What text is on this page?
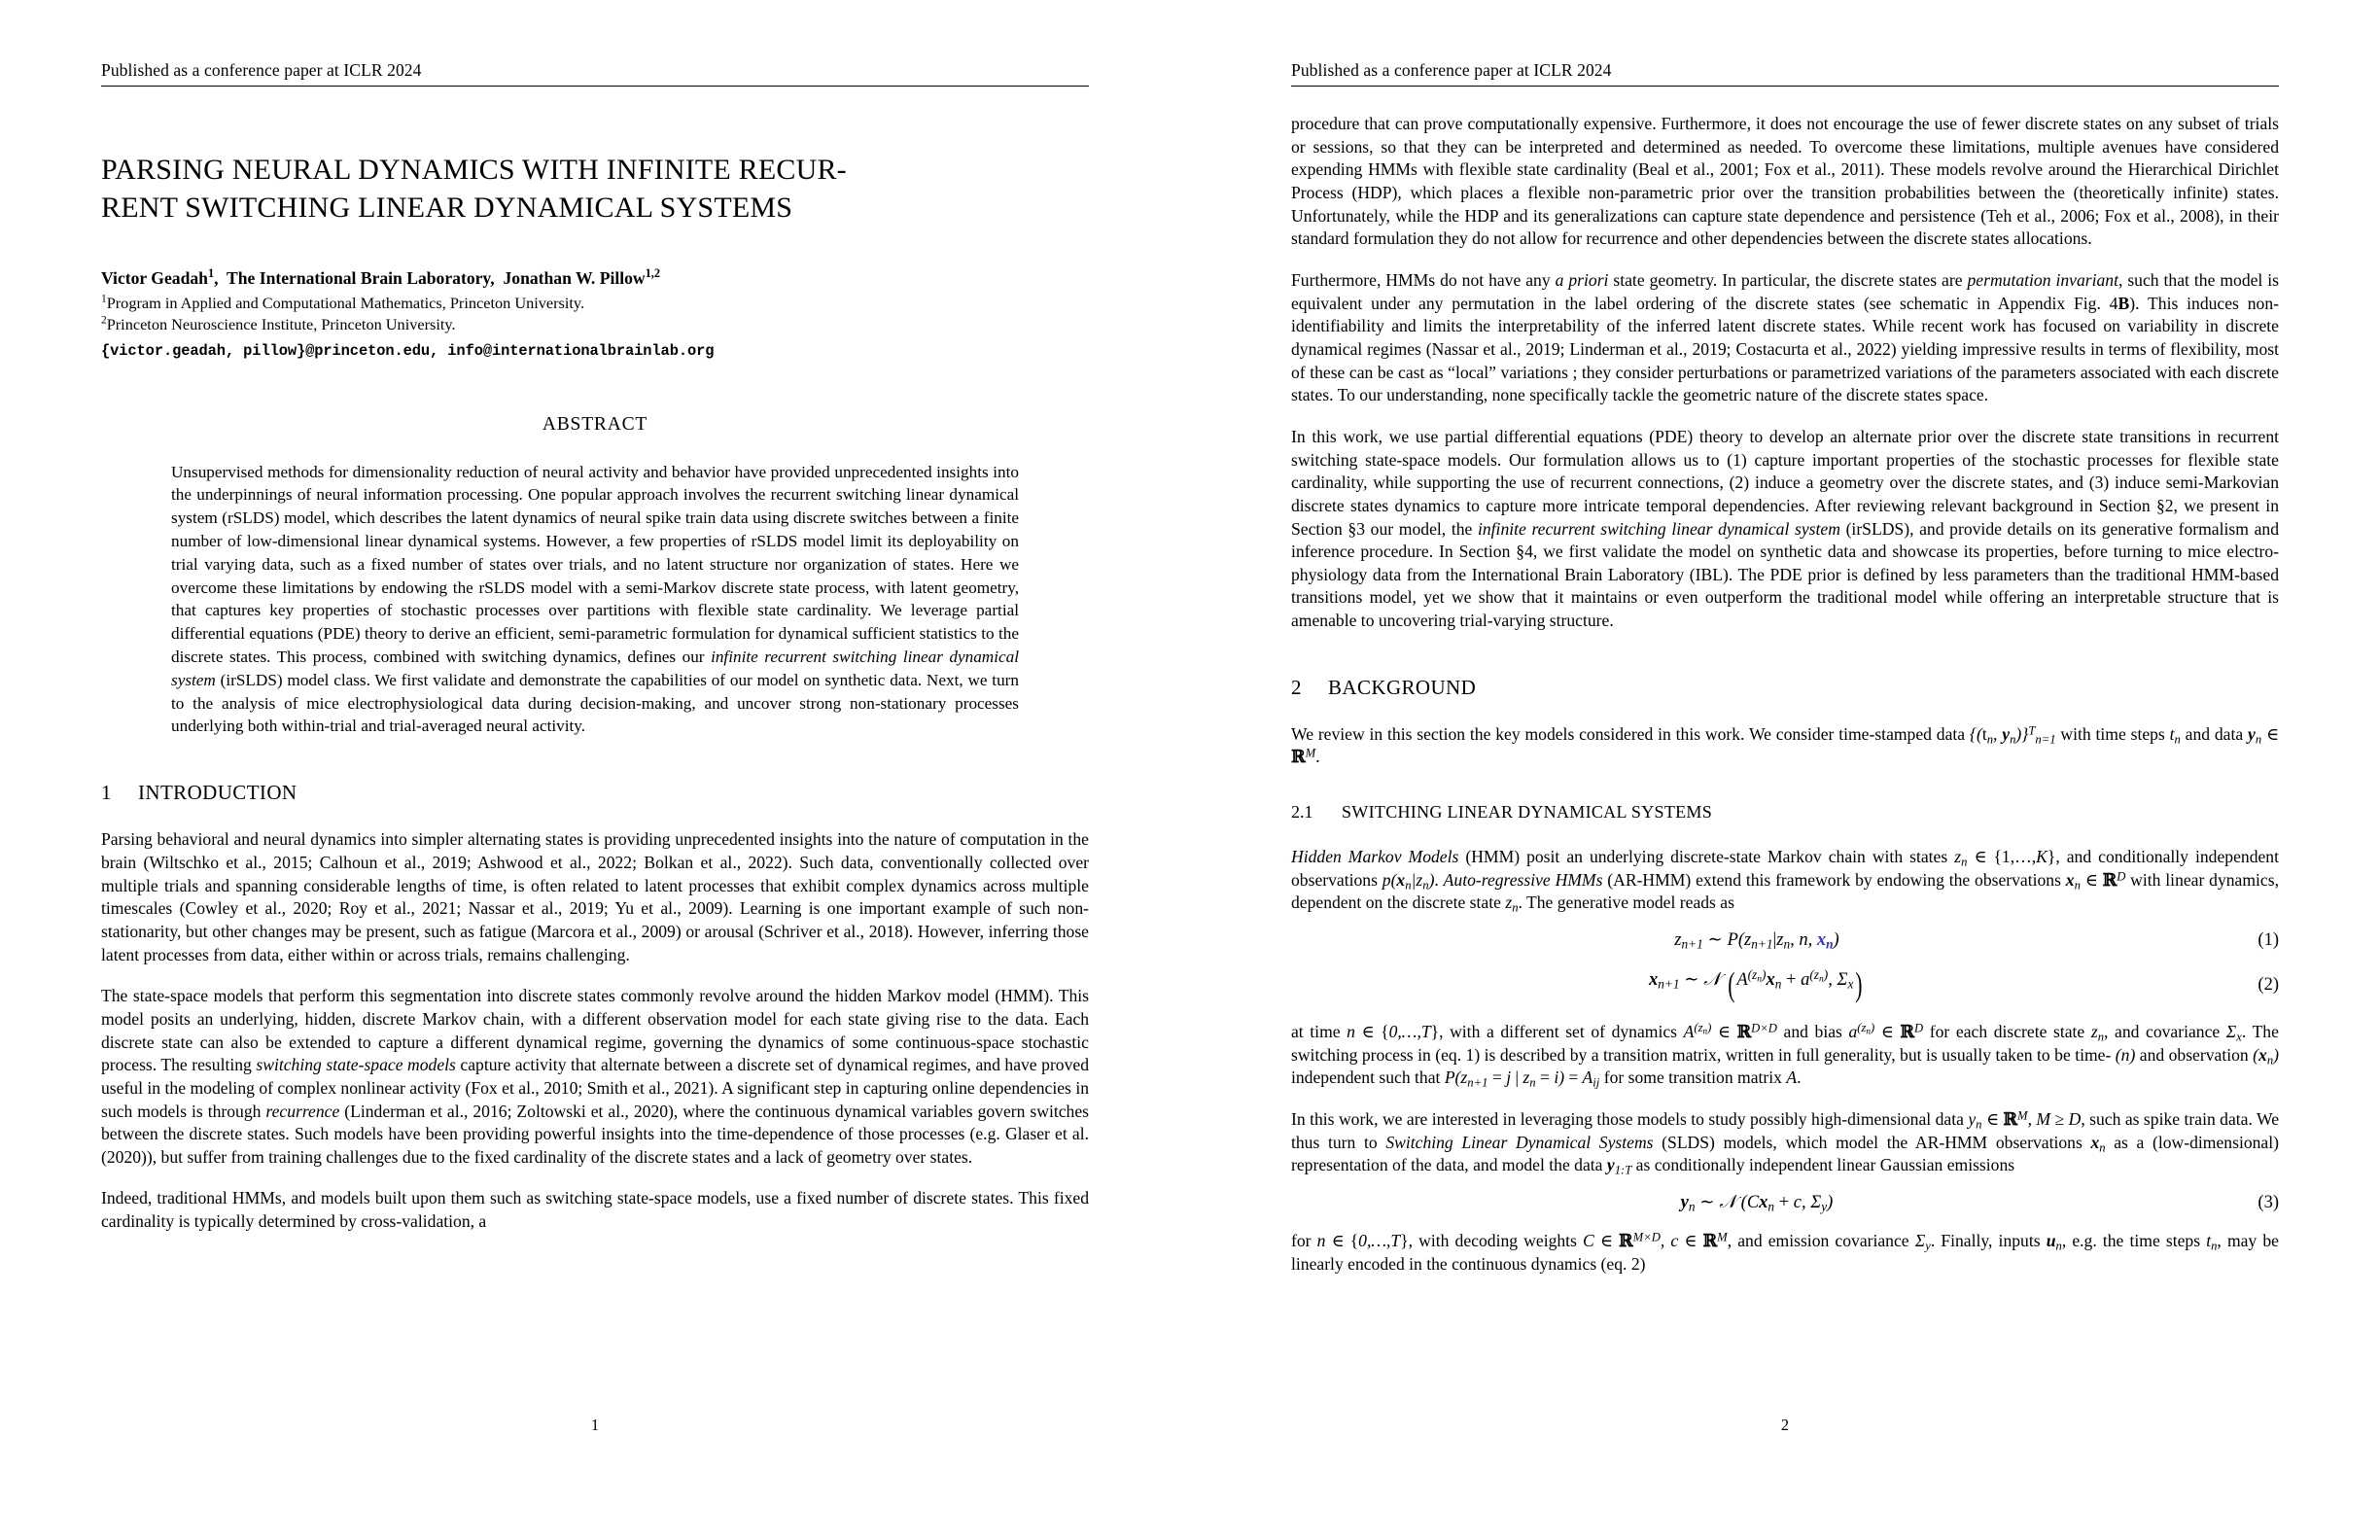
Published as a conference paper at ICLR 2024
PARSING NEURAL DYNAMICS WITH INFINITE RECUR-
RENT SWITCHING LINEAR DYNAMICAL SYSTEMS
Victor Geadah$^1$,  The International Brain Laboratory,  Jonathan W. Pillow$^{1,2}$
$^1$Program in Applied and Computational Mathematics, Princeton University.
$^2$Princeton Neuroscience Institute, Princeton University.
{victor.geadah, pillow}@princeton.edu, info@internationalbrainlab.org
ABSTRACT
Unsupervised methods for dimensionality reduction of neural activity and behavior have provided unprecedented insights into the underpinnings of neural information processing. One popular approach involves the recurrent switching linear dynamical system (rSLDS) model, which describes the latent dynamics of neural spike train data using discrete switches between a finite number of low-dimensional linear dynamical systems. However, a few properties of rSLDS model limit its deployability on trial varying data, such as a fixed number of states over trials, and no latent structure nor organization of states. Here we overcome these limitations by endowing the rSLDS model with a semi-Markov discrete state process, with latent geometry, that captures key properties of stochastic processes over partitions with flexible state cardinality. We leverage partial differential equations (PDE) theory to derive an efficient, semi-parametric formulation for dynamical sufficient statistics to the discrete states. This process, combined with switching dynamics, defines our infinite recurrent switching linear dynamical system (irSLDS) model class. We first validate and demonstrate the capabilities of our model on synthetic data. Next, we turn to the analysis of mice electrophysiological data during decision-making, and uncover strong non-stationary processes underlying both within-trial and trial-averaged neural activity.
1	INTRODUCTION

Parsing behavioral and neural dynamics into simpler alternating states is providing unprecedented insights into the nature of computation in the brain (Wiltschko et al., 2015; Calhoun et al., 2019; Ashwood et al., 2022; Bolkan et al., 2022). Such data, conventionally collected over multiple trials and spanning considerable lengths of time, is often related to latent processes that exhibit complex dynamics across multiple timescales (Cowley et al., 2020; Roy et al., 2021; Nassar et al., 2019; Yu et al., 2009). Learning is one important example of such non-stationarity, but other changes may be present, such as fatigue (Marcora et al., 2009) or arousal (Schriver et al., 2018). However, inferring those latent processes from data, either within or across trials, remains challenging.

The state-space models that perform this segmentation into discrete states commonly revolve around the hidden Markov model (HMM). This model posits an underlying, hidden, discrete Markov chain, with a different observation model for each state giving rise to the data. Each discrete state can also be extended to capture a different dynamical regime, governing the dynamics of some continuous-space stochastic process. The resulting switching state-space models capture activity that alternate between a discrete set of dynamical regimes, and have proved useful in the modeling of complex nonlinear activity (Fox et al., 2010; Smith et al., 2021). A significant step in capturing online dependencies in such models is through recurrence (Linderman et al., 2016; Zoltowski et al., 2020), where the continuous dynamical variables govern switches between the discrete states. Such models have been providing powerful insights into the time-dependence of those processes (e.g. Glaser et al. (2020)), but suffer from training challenges due to the fixed cardinality of the discrete states and a lack of geometry over states.

Indeed, traditional HMMs, and models built upon them such as switching state-space models, use a fixed number of discrete states. This fixed cardinality is typically determined by cross-validation, a

1
Published as a conference paper at ICLR 2024

procedure that can prove computationally expensive. Furthermore, it does not encourage the use of fewer discrete states on any subset of trials or sessions, so that they can be interpreted and determined as needed. To overcome these limitations, multiple avenues have considered expending HMMs with flexible state cardinality (Beal et al., 2001; Fox et al., 2011). These models revolve around the Hierarchical Dirichlet Process (HDP), which places a flexible non-parametric prior over the transition probabilities between the (theoretically infinite) states. Unfortunately, while the HDP and its generalizations can capture state dependence and persistence (Teh et al., 2006; Fox et al., 2008), in their standard formulation they do not allow for recurrence and other dependencies between the discrete states allocations.

Furthermore, HMMs do not have any a priori state geometry. In particular, the discrete states are permutation invariant, such that the model is equivalent under any permutation in the label ordering of the discrete states (see schematic in Appendix Fig. 4B). This induces non-identifiability and limits the interpretability of the inferred latent discrete states. While recent work has focused on variability in discrete dynamical regimes (Nassar et al., 2019; Linderman et al., 2019; Costacurta et al., 2022) yielding impressive results in terms of flexibility, most of these can be cast as “local” variations ; they consider perturbations or parametrized variations of the parameters associated with each discrete states. To our understanding, none specifically tackle the geometric nature of the discrete states space.

In this work, we use partial differential equations (PDE) theory to develop an alternate prior over the discrete state transitions in recurrent switching state-space models. Our formulation allows us to (1) capture important properties of the stochastic processes for flexible state cardinality, while supporting the use of recurrent connections, (2) induce a geometry over the discrete states, and (3) induce semi-Markovian discrete states dynamics to capture more intricate temporal dependencies. After reviewing relevant background in Section §2, we present in Section §3 our model, the infinite recurrent switching linear dynamical system (irSLDS), and provide details on its generative formalism and inference procedure. In Section §4, we first validate the model on synthetic data and showcase its properties, before turning to mice electro-physiology data from the International Brain Laboratory (IBL). The PDE prior is defined by less parameters than the traditional HMM-based transitions model, yet we show that it maintains or even outperform the traditional model while offering an interpretable structure that is amenable to uncovering trial-varying structure.

2	BACKGROUND

We review in this section the key models considered in this work. We consider time-stamped data {($t_n$, $y_n)\}^T_{n=1}$ with time steps $t_n$ and data $y_n$ ∈ ℝ$^M$.

2.1	SWITCHING LINEAR DYNAMICAL SYSTEMS

Hidden Markov Models (HMM) posit an underlying discrete-state Markov chain with states $z_n$ ∈ {1,…,K}, and conditionally independent observations $p(x_n|z_n)$. Auto-regressive HMMs (AR-HMM) extend this framework by endowing the observations $x_n$ ∈ ℝ$^D$ with linear dynamics, dependent on the discrete state $z_n$. The generative model reads as

$z_{n+1}$ ∼ $P(z_{n+1}|z_n$, n, $x_n$)	(1)
$x_{n+1}$ ∼ 𝒩 ( $A^{(z_n)}x_n + a^{(z_n)}$, $\Sigma_x$)	(2)

at time n ∈ {0,…,T}, with a different set of dynamics $A^{(z_n)}$ ∈ ℝ$^{D\times D}$ and bias $a^{(z_n)}$ ∈ ℝ$^D$ for each discrete state $z_n$, and covariance $\Sigma_x$. The switching process in (eq. 1) is described by a transition matrix, written in full generality, but is usually taken to be time- (n) and observation $(x_n)$ independent such that $P(z_{n+1} = j$ | $z_n = i) = A_{ij}$ for some transition matrix A.

In this work, we are interested in leveraging those models to study possibly high-dimensional data $y_n$ ∈ ℝ$^M$, M ≥ D, such as spike train data. We thus turn to Switching Linear Dynamical Systems (SLDS) models, which model the AR-HMM observations $x_n$ as a (low-dimensional) representation of the data, and model the data $y_{1:T}$ as conditionally independent linear Gaussian emissions

$y_n$ ∼ 𝒩 ($Cx_n + c$, $\Sigma_y$)	(3)

for n ∈ {0,…,T}, with decoding weights C ∈ ℝ$^{M\times D}$, c ∈ ℝ$^M$, and emission covariance $\Sigma_y$. Finally, inputs $u_n$, e.g. the time steps $t_n$, may be linearly encoded in the continuous dynamics (eq. 2)

2
